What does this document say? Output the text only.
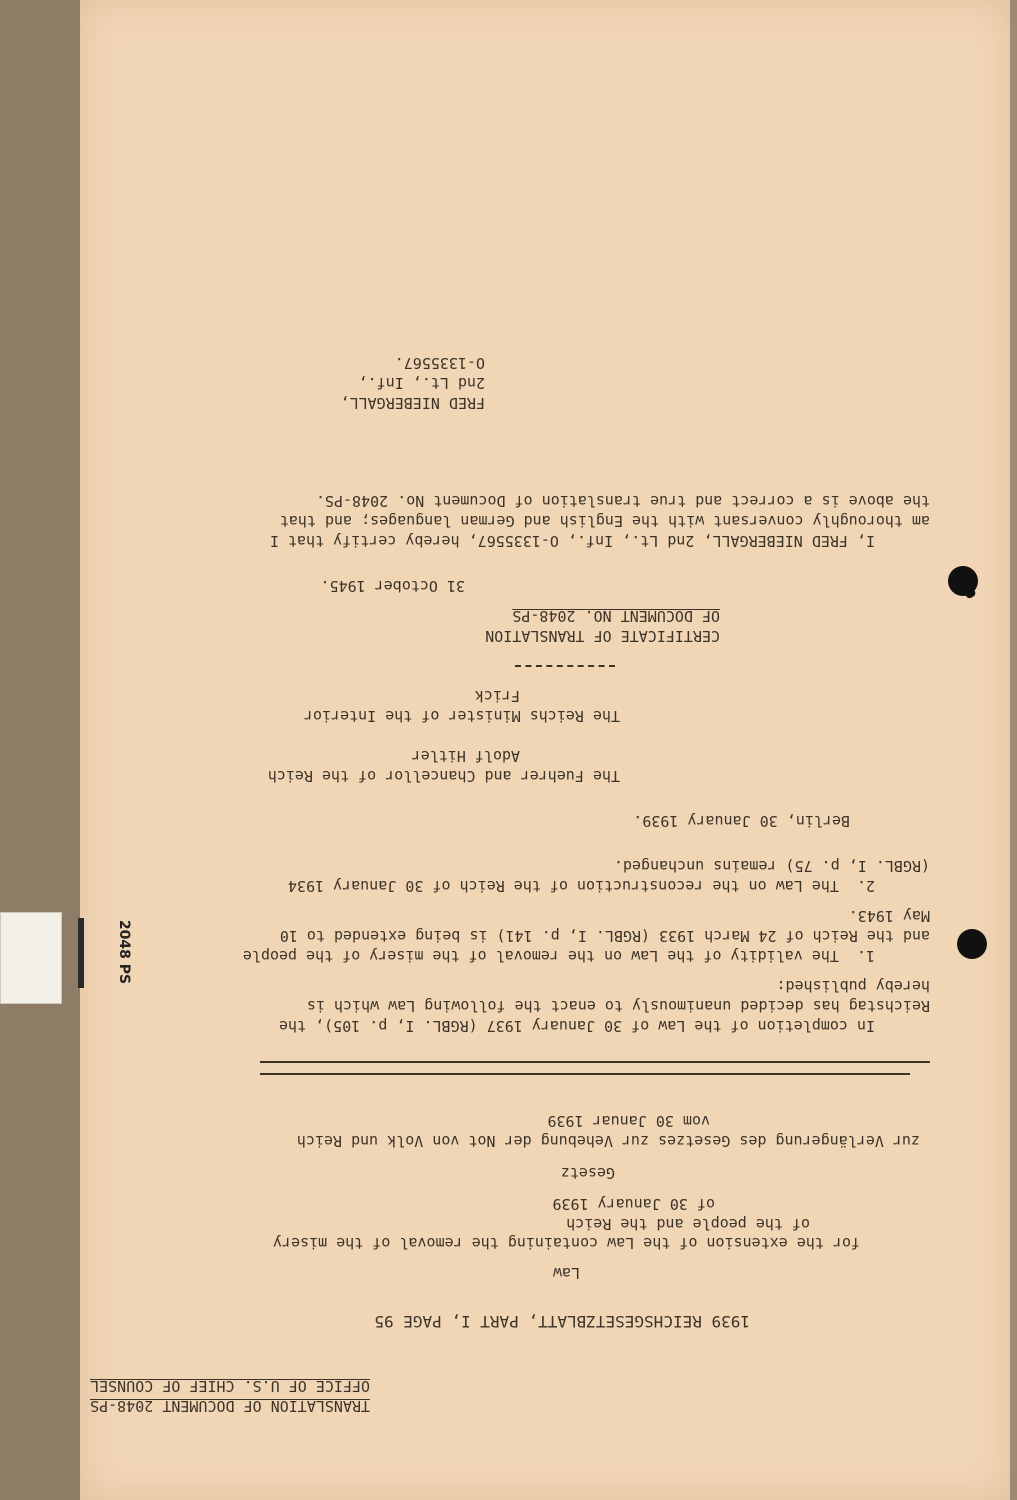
TRANSLATION OF DOCUMENT 2048-PS
OFFICE OF U.S. CHIEF OF COUNSEL
1939 REICHSGESETZBLATT, PART I, PAGE 95
Law
for the extension of the Law containing the removal of the misery
of the people and the Reich
of 30 January 1939
Gesetz
zur Verlängerung des Gesetzes zur Vehebung der Not von Volk und Reich
vom 30 Januar 1939
In completion of the Law of 30 January 1937 (RGBL. I, p. 105), the
Reichstag has decided unanimously to enact the following Law which is
hereby published:
1.  The validity of the Law on the removal of the misery of the people
and the Reich of 24 March 1933 (RGBL. I, p. 141) is being extended to 10
May 1943.
2.  The Law on the reconstruction of the Reich of 30 January 1934
(RGBL. I, p. 75) remains unchanged.
Berlin, 30 January 1939.
The Fuehrer and Chancellor of the Reich
Adolf Hitler
The Reichs Minister of the Interior
Frick
CERTIFICATE OF TRANSLATION
OF DOCUMENT NO. 2048-PS
31 October 1945.
I, FRED NIEBERGALL, 2nd Lt., Inf., O-1335567, hereby certify that I
am thoroughly conversant with the English and German languages; and that
the above is a correct and true translation of Document No. 2048-PS.
FRED NIEBERGALL,
2nd Lt., Inf.,
O-1335567.
2048 PS
